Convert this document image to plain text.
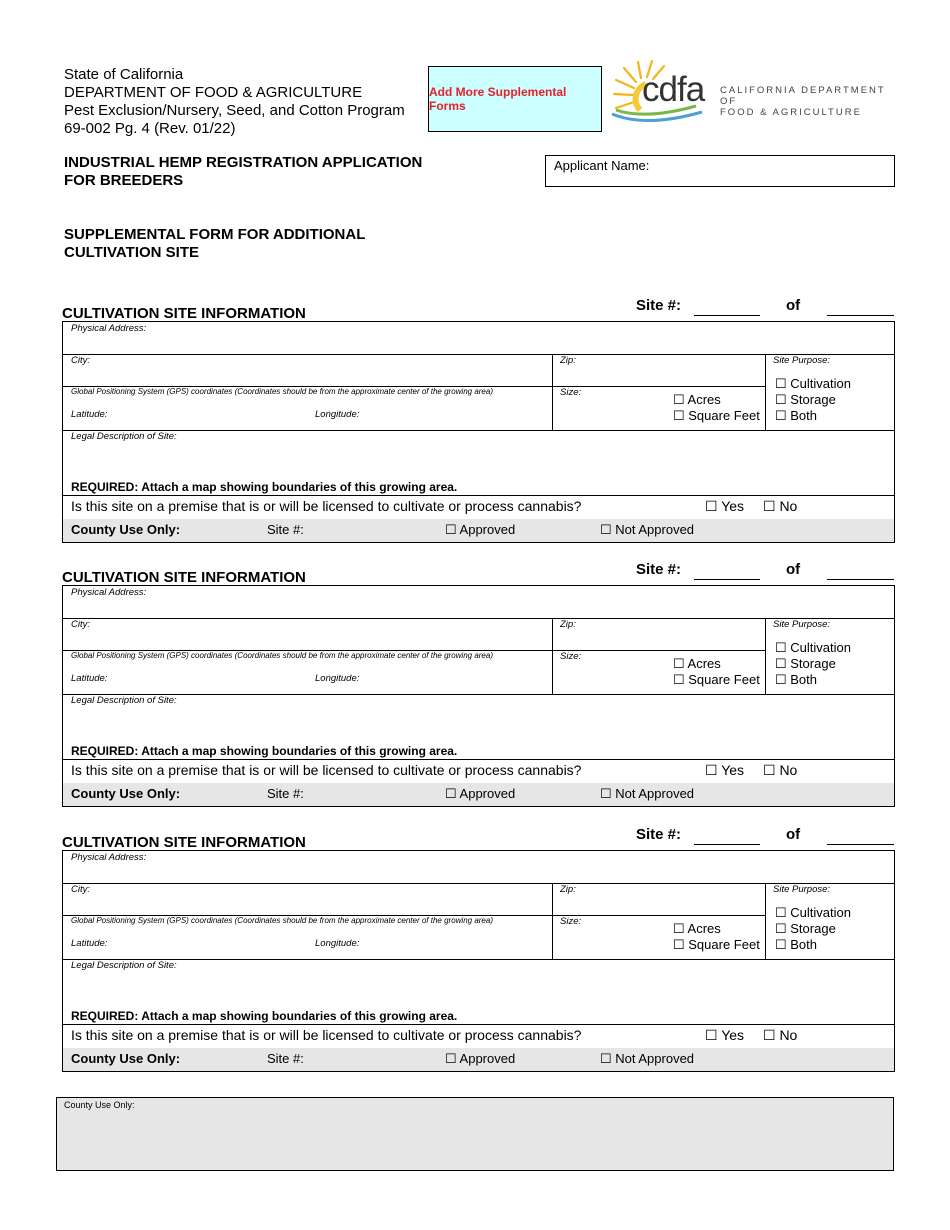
State of California
DEPARTMENT OF FOOD & AGRICULTURE
Pest Exclusion/Nursery, Seed, and Cotton Program
69-002 Pg. 4 (Rev. 01/22)
Add More Supplemental Forms	cdfa CALIFORNIA DEPARTMENT OF
FOOD & AGRICULTURE
INDUSTRIAL HEMP REGISTRATION APPLICATION
FOR BREEDERS
Applicant Name:
SUPPLEMENTAL FORM FOR ADDITIONAL
CULTIVATION SITE
CULTIVATION SITE INFORMATION	Site #:	of
Physical Address:
City:	Zip:	Site Purpose:
Global Positioning System (GPS) coordinates (Coordinates should be from the approximate center of the growing area)
Latitude:	Longitude:
Size:	☐ Acres
☐ Square Feet
☐ Cultivation
☐ Storage
☐ Both
Legal Description of Site:
REQUIRED: Attach a map showing boundaries of this growing area.
Is this site on a premise that is or will be licensed to cultivate or process cannabis?	☐ Yes ☐ No
County Use Only:	Site #:	☐ Approved	☐ Not Approved
CULTIVATION SITE INFORMATION	Site #:	of
Physical Address:
City:	Zip:	Site Purpose:
Global Positioning System (GPS) coordinates (Coordinates should be from the approximate center of the growing area)
Latitude:	Longitude:
Size:	☐ Acres
☐ Square Feet
☐ Cultivation
☐ Storage
☐ Both
Legal Description of Site:
REQUIRED: Attach a map showing boundaries of this growing area.
Is this site on a premise that is or will be licensed to cultivate or process cannabis?	☐ Yes ☐ No
County Use Only:	Site #:	☐ Approved	☐ Not Approved
CULTIVATION SITE INFORMATION	Site #:	of
Physical Address:
City:	Zip:	Site Purpose:
Global Positioning System (GPS) coordinates (Coordinates should be from the approximate center of the growing area)
Latitude:	Longitude:
Size:	☐ Acres
☐ Square Feet
☐ Cultivation
☐ Storage
☐ Both
Legal Description of Site:
REQUIRED: Attach a map showing boundaries of this growing area.
Is this site on a premise that is or will be licensed to cultivate or process cannabis?	☐ Yes ☐ No
County Use Only:	Site #:	☐ Approved	☐ Not Approved
County Use Only:
